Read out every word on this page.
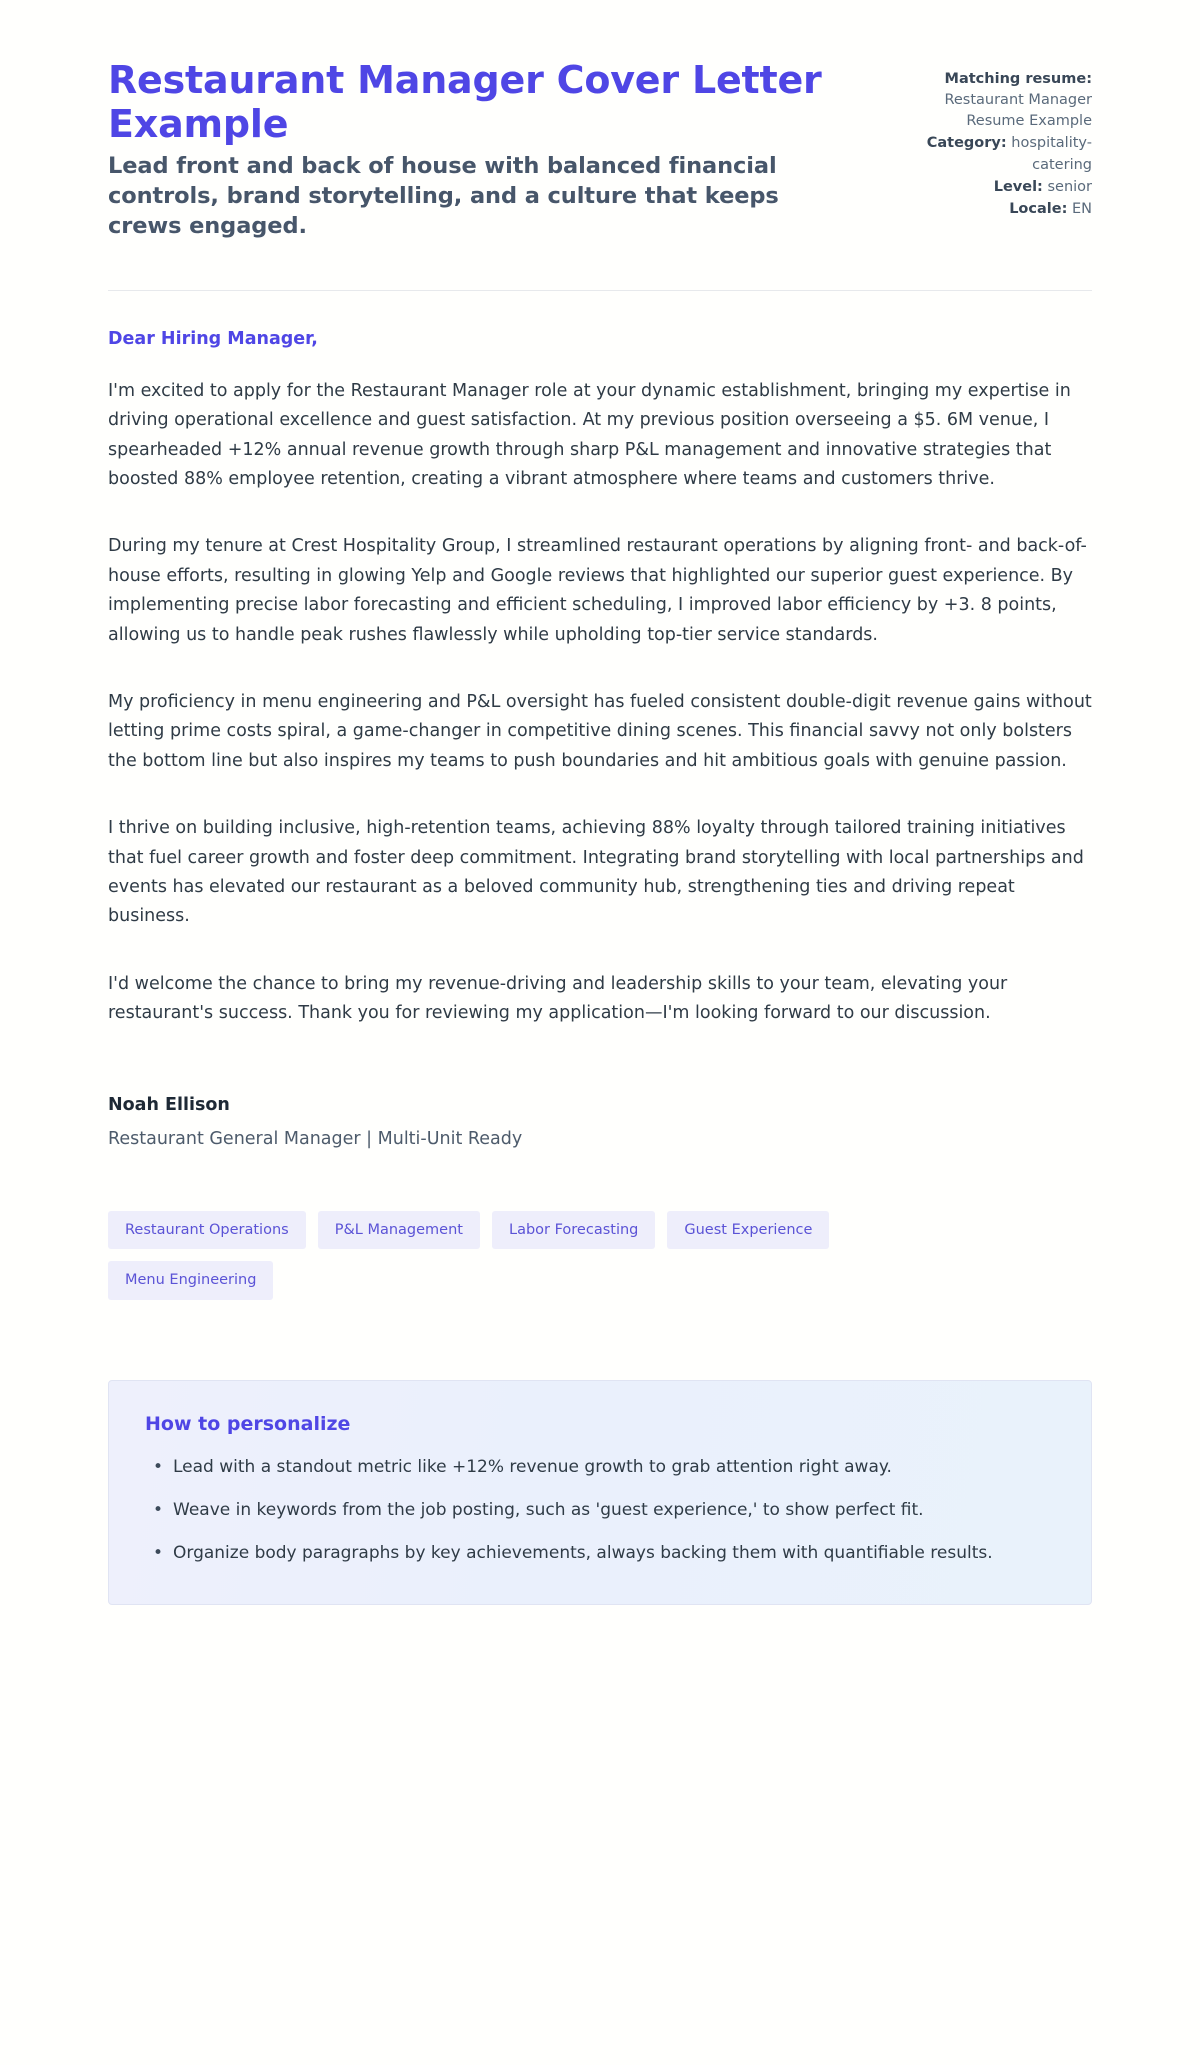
Restaurant Manager Cover Letter Example

Lead front and back of house with balanced financial controls, brand storytelling, and a culture that keeps crews engaged.

Matching resume:
Restaurant Manager Resume Example
Category: hospitality-catering
Level: senior
Locale: EN

Dear Hiring Manager,

I'm excited to apply for the Restaurant Manager role at your dynamic establishment, bringing my expertise in driving operational excellence and guest satisfaction. At my previous position overseeing a $5. 6M venue, I spearheaded +12% annual revenue growth through sharp P&L management and innovative strategies that boosted 88% employee retention, creating a vibrant atmosphere where teams and customers thrive.

During my tenure at Crest Hospitality Group, I streamlined restaurant operations by aligning front- and back-of-house efforts, resulting in glowing Yelp and Google reviews that highlighted our superior guest experience. By implementing precise labor forecasting and efficient scheduling, I improved labor efficiency by +3. 8 points, allowing us to handle peak rushes flawlessly while upholding top-tier service standards.

My proficiency in menu engineering and P&L oversight has fueled consistent double-digit revenue gains without letting prime costs spiral, a game-changer in competitive dining scenes. This financial savvy not only bolsters the bottom line but also inspires my teams to push boundaries and hit ambitious goals with genuine passion.

I thrive on building inclusive, high-retention teams, achieving 88% loyalty through tailored training initiatives that fuel career growth and foster deep commitment. Integrating brand storytelling with local partnerships and events has elevated our restaurant as a beloved community hub, strengthening ties and driving repeat business.

I'd welcome the chance to bring my revenue-driving and leadership skills to your team, elevating your restaurant's success. Thank you for reviewing my application—I'm looking forward to our discussion.

Noah Ellison

Restaurant General Manager | Multi-Unit Ready

Restaurant Operations	P&L Management	Labor Forecasting	Guest Experience
Menu Engineering
How to personalize
• Lead with a standout metric like +12% revenue growth to grab attention right away.
• Weave in keywords from the job posting, such as 'guest experience,' to show perfect fit.
• Organize body paragraphs by key achievements, always backing them with quantifiable results.
